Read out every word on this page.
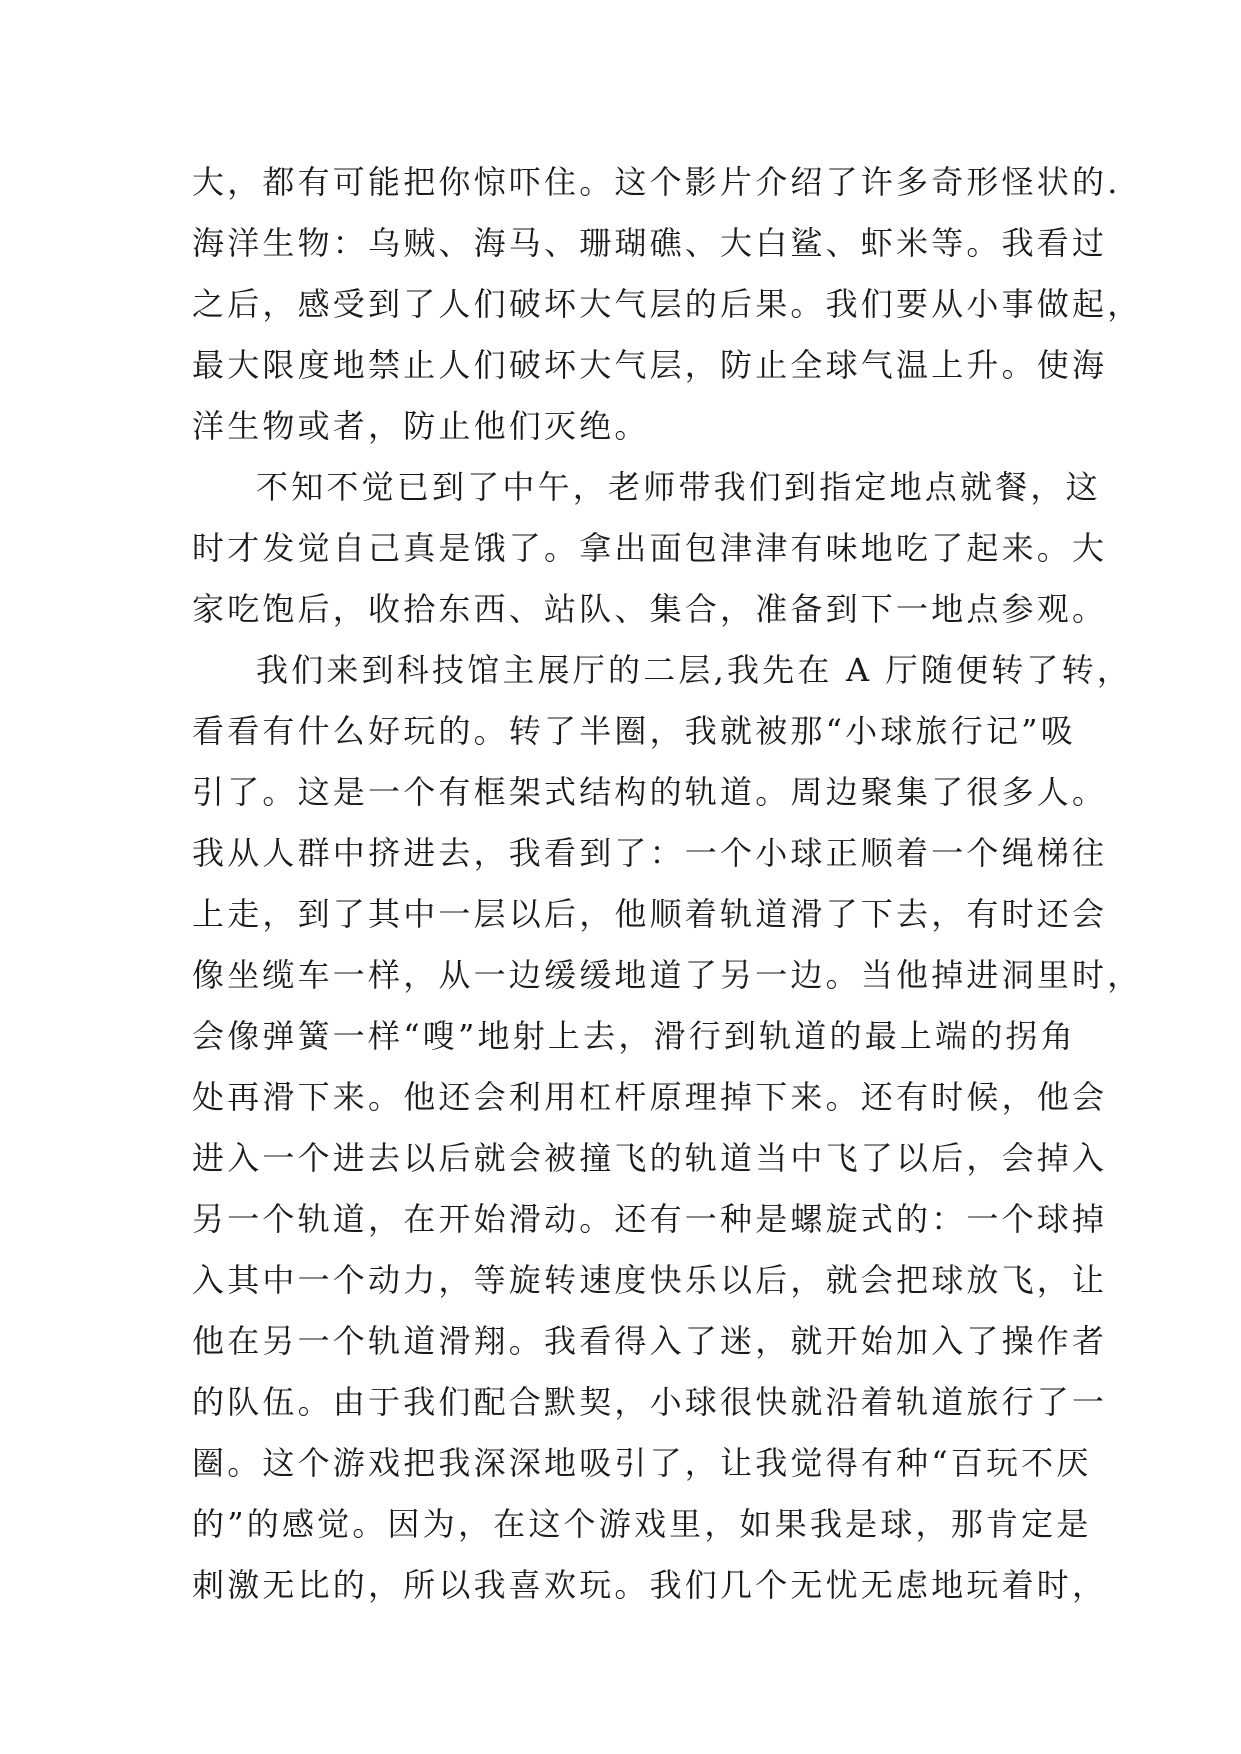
大，都有可能把你惊吓住。这个影片介绍了许多奇形怪状的.
海洋生物：乌贼、海马、珊瑚礁、大白鲨、虾米等。我看过
之后，感受到了人们破坏大气层的后果。我们要从小事做起，
最大限度地禁止人们破坏大气层，防止全球气温上升。使海
洋生物或者，防止他们灭绝。
不知不觉已到了中午，老师带我们到指定地点就餐，这
时才发觉自己真是饿了。拿出面包津津有味地吃了起来。大
家吃饱后，收拾东西、站队、集合，准备到下一地点参观。
我们来到科技馆主展厅的二层,我先在 A 厅随便转了转，
看看有什么好玩的。转了半圈，我就被那“小球旅行记”吸
引了。这是一个有框架式结构的轨道。周边聚集了很多人。
我从人群中挤进去，我看到了：一个小球正顺着一个绳梯往
上走，到了其中一层以后，他顺着轨道滑了下去，有时还会
像坐缆车一样，从一边缓缓地道了另一边。当他掉进洞里时，
会像弹簧一样“嗖”地射上去，滑行到轨道的最上端的拐角
处再滑下来。他还会利用杠杆原理掉下来。还有时候，他会
进入一个进去以后就会被撞飞的轨道当中飞了以后，会掉入
另一个轨道，在开始滑动。还有一种是螺旋式的：一个球掉
入其中一个动力，等旋转速度快乐以后，就会把球放飞，让
他在另一个轨道滑翔。我看得入了迷，就开始加入了操作者
的队伍。由于我们配合默契，小球很快就沿着轨道旅行了一
圈。这个游戏把我深深地吸引了，让我觉得有种“百玩不厌
的”的感觉。因为，在这个游戏里，如果我是球，那肯定是
刺激无比的，所以我喜欢玩。我们几个无忧无虑地玩着时，
